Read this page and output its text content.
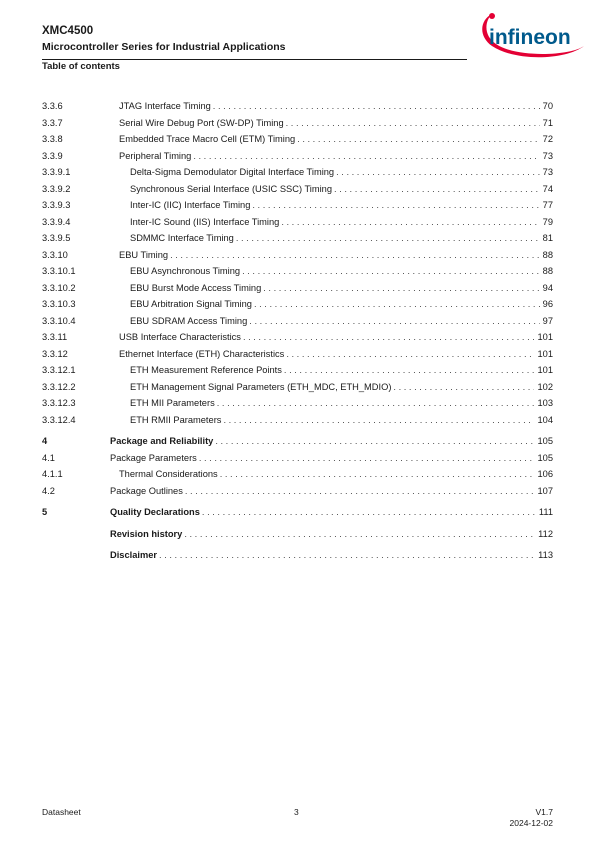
XMC4500
Microcontroller Series for Industrial Applications
Table of contents
infineon
3.3.6	JTAG Interface Timing . . .	70
3.3.7	Serial Wire Debug Port (SW-DP) Timing . . .	71
3.3.8	Embedded Trace Macro Cell (ETM) Timing . . .	72
3.3.9	Peripheral Timing . . .	73
3.3.9.1	Delta-Sigma Demodulator Digital Interface Timing . . .	73
3.3.9.2	Synchronous Serial Interface (USIC SSC) Timing . . .	74
3.3.9.3	Inter-IC (IIC) Interface Timing . . .	77
3.3.9.4	Inter-IC Sound (IIS) Interface Timing . . .	79
3.3.9.5	SDMMC Interface Timing . . .	81
3.3.10	EBU Timing . . .	88
3.3.10.1	EBU Asynchronous Timing . . .	88
3.3.10.2	EBU Burst Mode Access Timing . . .	94
3.3.10.3	EBU Arbitration Signal Timing . . .	96
3.3.10.4	EBU SDRAM Access Timing . . .	97
3.3.11	USB Interface Characteristics . . .	101
3.3.12	Ethernet Interface (ETH) Characteristics . . .	101
3.3.12.1	ETH Measurement Reference Points . . .	101
3.3.12.2	ETH Management Signal Parameters (ETH_MDC, ETH_MDIO) . . .	102
3.3.12.3	ETH MII Parameters . . .	103
3.3.12.4	ETH RMII Parameters . . .	104
4	Package and Reliability . . .	105
4.1	Package Parameters . . .	105
4.1.1	Thermal Considerations . . .	106
4.2	Package Outlines . . .	107
5	Quality Declarations . . .	111
Revision history . . .	112
Disclaimer . . .	113
Datasheet	3	V1.7
2024-12-02
